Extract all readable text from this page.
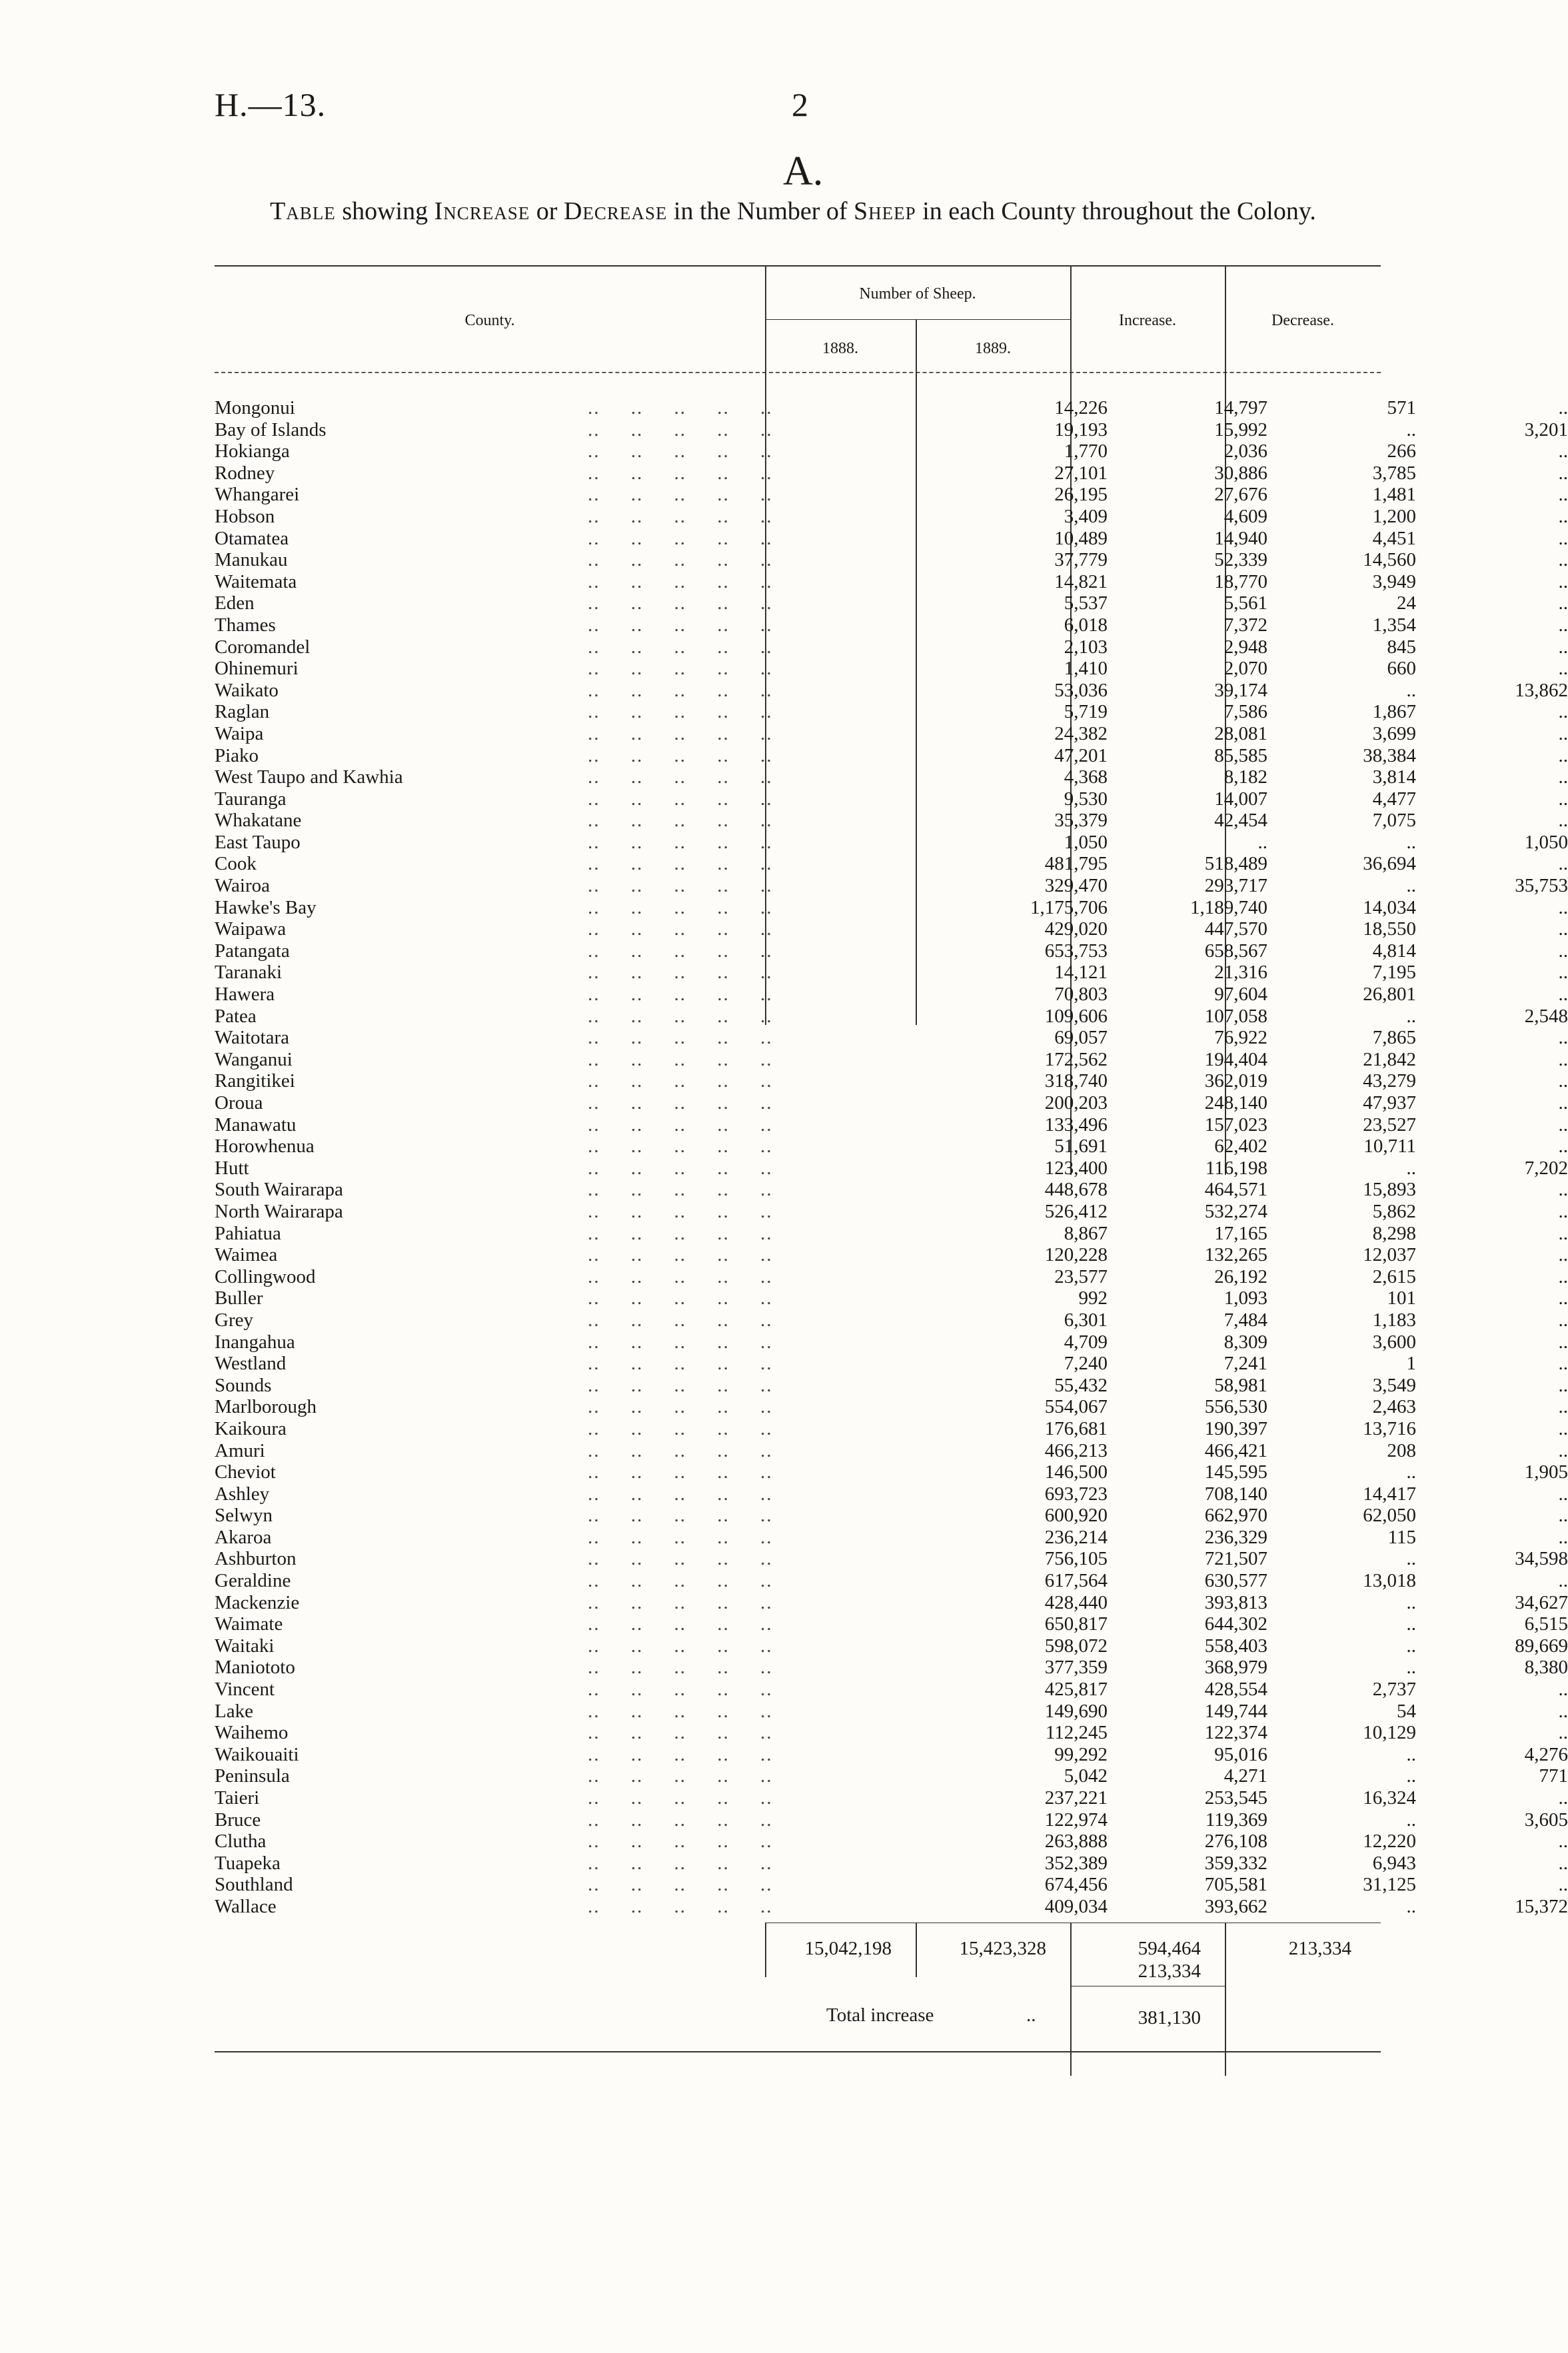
H.—13.	2
A.
Table showing Increase or Decrease in the Number of Sheep in each County throughout the Colony.
County.
Number of Sheep.
1888.	1889.
Increase.	Decrease.
Mongonui	14,226	14,797	571	..
..     ..     ..     ..     ..
Bay of Islands	19,193	15,992	..	3,201
..     ..     ..     ..     ..
Hokianga	1,770	2,036	266	..
..     ..     ..     ..     ..
Rodney	27,101	30,886	3,785	..
..     ..     ..     ..     ..
Whangarei	26,195	27,676	1,481	..
..     ..     ..     ..     ..
Hobson	3,409	4,609	1,200	..
..     ..     ..     ..     ..
Otamatea	10,489	14,940	4,451	..
..     ..     ..     ..     ..
Manukau	37,779	52,339	14,560	..
..     ..     ..     ..     ..
Waitemata	14,821	18,770	3,949	..
..     ..     ..     ..     ..
Eden	5,537	5,561	24	..
..     ..     ..     ..     ..
Thames	6,018	7,372	1,354	..
..     ..     ..     ..     ..
Coromandel	2,103	2,948	845	..
..     ..     ..     ..     ..
Ohinemuri	1,410	2,070	660	..
..     ..     ..     ..     ..
Waikato	53,036	39,174	..	13,862
..     ..     ..     ..     ..
Raglan	5,719	7,586	1,867	..
..     ..     ..     ..     ..
Waipa	24,382	28,081	3,699	..
..     ..     ..     ..     ..
Piako	47,201	85,585	38,384	..
..     ..     ..     ..     ..
West Taupo and Kawhia	4,368	8,182	3,814	..
..     ..     ..     ..     ..
Tauranga	9,530	14,007	4,477	..
..     ..     ..     ..     ..
Whakatane	35,379	42,454	7,075	..
..     ..     ..     ..     ..
East Taupo	1,050	..	..	1,050
..     ..     ..     ..     ..
Cook	481,795	518,489	36,694	..
..     ..     ..     ..     ..
Wairoa	329,470	293,717	..	35,753
..     ..     ..     ..     ..
Hawke's Bay	1,175,706	1,189,740	14,034	..
..     ..     ..     ..     ..
Waipawa	429,020	447,570	18,550	..
..     ..     ..     ..     ..
Patangata	653,753	658,567	4,814	..
..     ..     ..     ..     ..
Taranaki	14,121	21,316	7,195	..
..     ..     ..     ..     ..
Hawera	70,803	97,604	26,801	..
..     ..     ..     ..     ..
Patea	109,606	107,058	..	2,548
..     ..     ..     ..     ..
Waitotara	69,057	76,922	7,865	..
..     ..     ..     ..     ..
Wanganui	172,562	194,404	21,842	..
..     ..     ..     ..     ..
Rangitikei	318,740	362,019	43,279	..
..     ..     ..     ..     ..
Oroua	200,203	248,140	47,937	..
..     ..     ..     ..     ..
Manawatu	133,496	157,023	23,527	..
..     ..     ..     ..     ..
Horowhenua	51,691	62,402	10,711	..
..     ..     ..     ..     ..
Hutt	123,400	116,198	..	7,202
..     ..     ..     ..     ..
South Wairarapa	448,678	464,571	15,893	..
..     ..     ..     ..     ..
North Wairarapa	526,412	532,274	5,862	..
..     ..     ..     ..     ..
Pahiatua	8,867	17,165	8,298	..
..     ..     ..     ..     ..
Waimea	120,228	132,265	12,037	..
..     ..     ..     ..     ..
Collingwood	23,577	26,192	2,615	..
..     ..     ..     ..     ..
Buller	992	1,093	101	..
..     ..     ..     ..     ..
Grey	6,301	7,484	1,183	..
..     ..     ..     ..     ..
Inangahua	4,709	8,309	3,600	..
..     ..     ..     ..     ..
Westland	7,240	7,241	1	..
..     ..     ..     ..     ..
Sounds	55,432	58,981	3,549	..
..     ..     ..     ..     ..
Marlborough	554,067	556,530	2,463	..
..     ..     ..     ..     ..
Kaikoura	176,681	190,397	13,716	..
..     ..     ..     ..     ..
Amuri	466,213	466,421	208	..
..     ..     ..     ..     ..
Cheviot	146,500	145,595	..	1,905
..     ..     ..     ..     ..
Ashley	693,723	708,140	14,417	..
..     ..     ..     ..     ..
Selwyn	600,920	662,970	62,050	..
..     ..     ..     ..     ..
Akaroa	236,214	236,329	115	..
..     ..     ..     ..     ..
Ashburton	756,105	721,507	..	34,598
..     ..     ..     ..     ..
Geraldine	617,564	630,577	13,018	..
..     ..     ..     ..     ..
Mackenzie	428,440	393,813	..	34,627
..     ..     ..     ..     ..
Waimate	650,817	644,302	..	6,515
..     ..     ..     ..     ..
Waitaki	598,072	558,403	..	89,669
..     ..     ..     ..     ..
Maniototo	377,359	368,979	..	8,380
..     ..     ..     ..     ..
Vincent	425,817	428,554	2,737	..
..     ..     ..     ..     ..
Lake	149,690	149,744	54	..
..     ..     ..     ..     ..
Waihemo	112,245	122,374	10,129	..
..     ..     ..     ..     ..
Waikouaiti	99,292	95,016	..	4,276
..     ..     ..     ..     ..
Peninsula	5,042	4,271	..	771
..     ..     ..     ..     ..
Taieri	237,221	253,545	16,324	..
..     ..     ..     ..     ..
Bruce	122,974	119,369	..	3,605
..     ..     ..     ..     ..
Clutha	263,888	276,108	12,220	..
..     ..     ..     ..     ..
Tuapeka	352,389	359,332	6,943	..
..     ..     ..     ..     ..
Southland	674,456	705,581	31,125	..
..     ..     ..     ..     ..
Wallace	409,034	393,662	..	15,372
..     ..     ..     ..     ..
15,042,198	15,423,328	594,464	213,334
213,334
Total increase	..	381,130
